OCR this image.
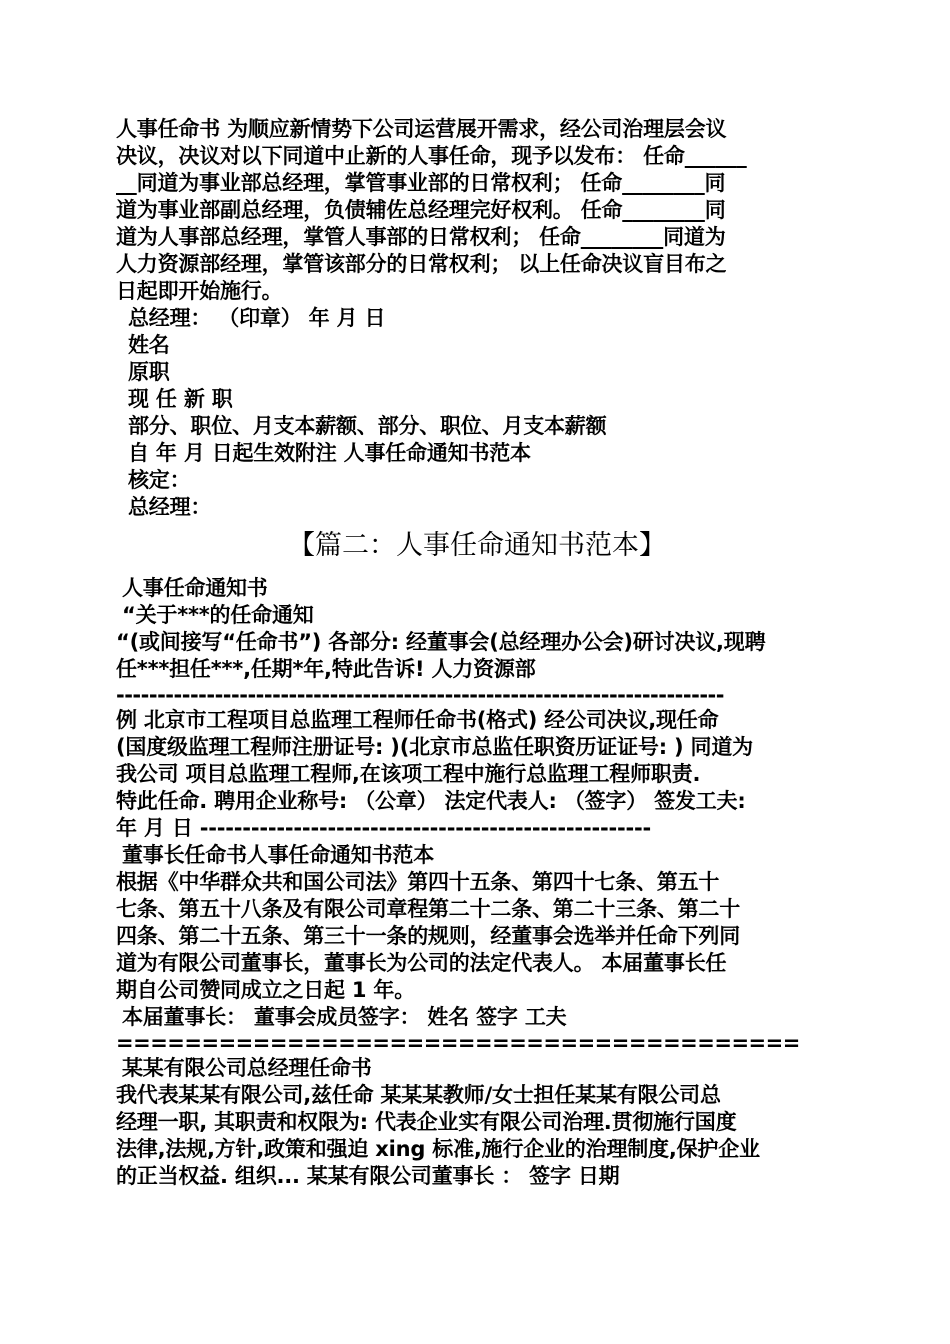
人事任命书 为顺应新情势下公司运营展开需求，经公司治理层会议
决议，决议对以下同道中止新的人事任命，现予以发布： 任命______
__同道为事业部总经理，掌管事业部的日常权利； 任命________同
道为事业部副总经理，负债辅佐总经理完好权利。 任命________同
道为人事部总经理，掌管人事部的日常权利； 任命________同道为
人力资源部经理，掌管该部分的日常权利； 以上任命决议盲目布之
日起即开始施行。
总经理： （印章） 年 月 日
姓名
原职
现 任 新 职
部分、职位、月支本薪额、部分、职位、月支本薪额
自 年 月 日起生效附注 人事任命通知书范本
核定：
总经理：
【篇二：人事任命通知书范本】
人事任命通知书
“关于***的任命通知
“(或间接写“任命书”) 各部分: 经董事会(总经理办公会)研讨决议,现聘
任***担任***,任期*年,特此告诉! 人力资源部
--------------------------------------------------------------------------
例 北京市工程项目总监理工程师任命书(格式) 经公司决议,现任命
(国度级监理工程师注册证号: )(北京市总监任职资历证证号: ) 同道为
我公司 项目总监理工程师,在该项工程中施行总监理工程师职责.
特此任命. 聘用企业称号: （公章） 法定代表人: （签字） 签发工夫:
年 月 日 -----------------------------------------------------
董事长任命书人事任命通知书范本
根据《中华群众共和国公司法》第四十五条、第四十七条、第五十
七条、第五十八条及有限公司章程第二十二条、第二十三条、第二十
四条、第二十五条、第三十一条的规则，经董事会选举并任命下列同
道为有限公司董事长，董事长为公司的法定代表人。 本届董事长任
期自公司赞同成立之日起 1 年。
本届董事长： 董事会成员签字： 姓名 签字 工夫
========================================
某某有限公司总经理任命书
我代表某某有限公司,兹任命 某某某教师/女士担任某某有限公司总
经理一职, 其职责和权限为: 代表企业实有限公司治理.贯彻施行国度
法律,法规,方针,政策和强迫 xing 标准,施行企业的治理制度,保护企业
的正当权益. 组织... 某某有限公司董事长 ： 签字 日期
